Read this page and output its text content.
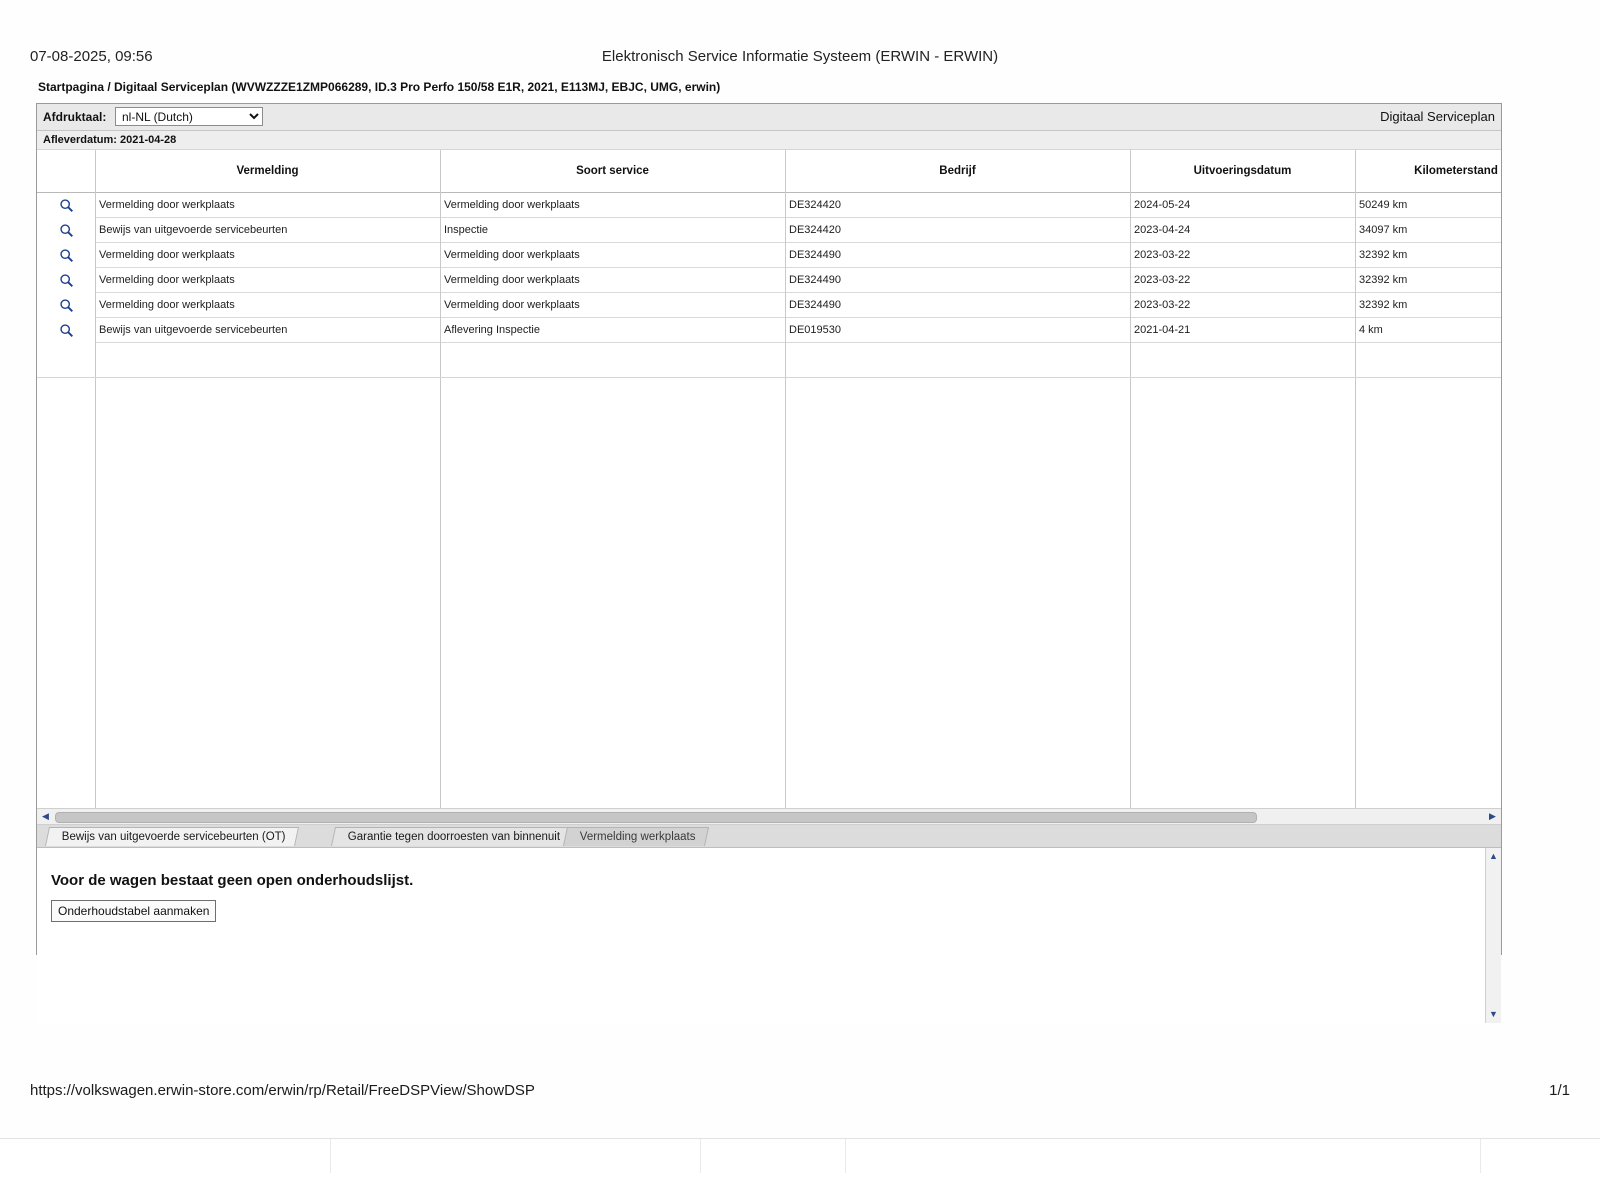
07-08-2025, 09:56	Elektronisch Service Informatie Systeem (ERWIN - ERWIN)
Startpagina / Digitaal Serviceplan (WVWZZZE1ZMP066289, ID.3 Pro Perfo 150/58 E1R, 2021, E113MJ, EBJC, UMG, erwin)
Afdruktaal:
nl-NL (Dutch)	Digitaal Serviceplan
Afleverdatum: 2021-04-28
	Vermelding	Soort service	Bedrijf	Uitvoeringsdatum	Kilometerstand

	Vermelding door werkplaats	Vermelding door werkplaats	DE324420	2024-05-24	50249 km

	Bewijs van uitgevoerde servicebeurten	Inspectie	DE324420	2023-04-24	34097 km

	Vermelding door werkplaats	Vermelding door werkplaats	DE324490	2023-03-22	32392 km

	Vermelding door werkplaats	Vermelding door werkplaats	DE324490	2023-03-22	32392 km

	Vermelding door werkplaats	Vermelding door werkplaats	DE324490	2023-03-22	32392 km

	Bewijs van uitgevoerde servicebeurten	Aflevering Inspectie	DE019530	2021-04-21	4 km
◀	▶
Bewijs van uitgevoerde servicebeurten (OT)	Garantie tegen doorroesten van binnenuit	Vermelding werkplaats
Voor de wagen bestaat geen open onderhoudslijst.
Onderhoudstabel aanmaken
▲
▼
https://volkswagen.erwin-store.com/erwin/rp/Retail/FreeDSPView/ShowDSP	1/1
